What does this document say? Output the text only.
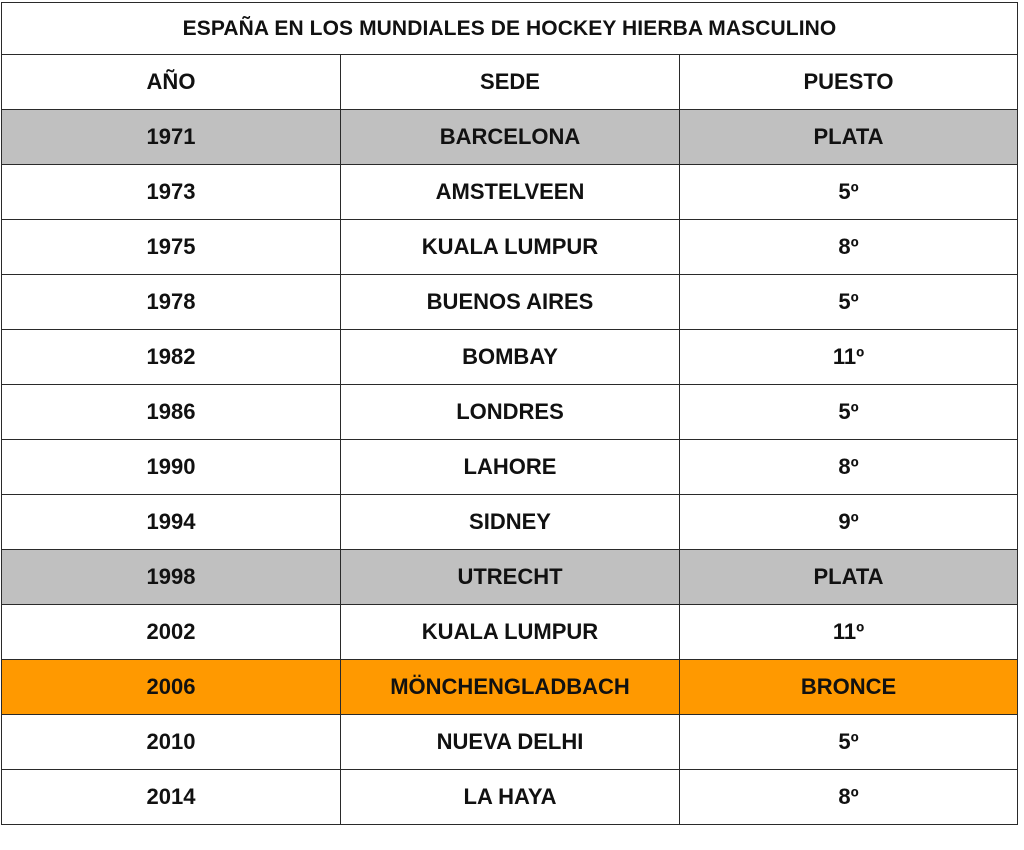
ESPAÑA EN LOS MUNDIALES DE HOCKEY HIERBA MASCULINO		
AÑO	SEDE	PUESTO
1971	BARCELONA	PLATA
1973	AMSTELVEEN	5º
1975	KUALA LUMPUR	8º
1978	BUENOS AIRES	5º
1982	BOMBAY	11º
1986	LONDRES	5º
1990	LAHORE	8º
1994	SIDNEY	9º
1998	UTRECHT	PLATA
2002	KUALA LUMPUR	11º
2006	MÖNCHENGLADBACH	BRONCE
2010	NUEVA DELHI	5º
2014	LA HAYA	8º
